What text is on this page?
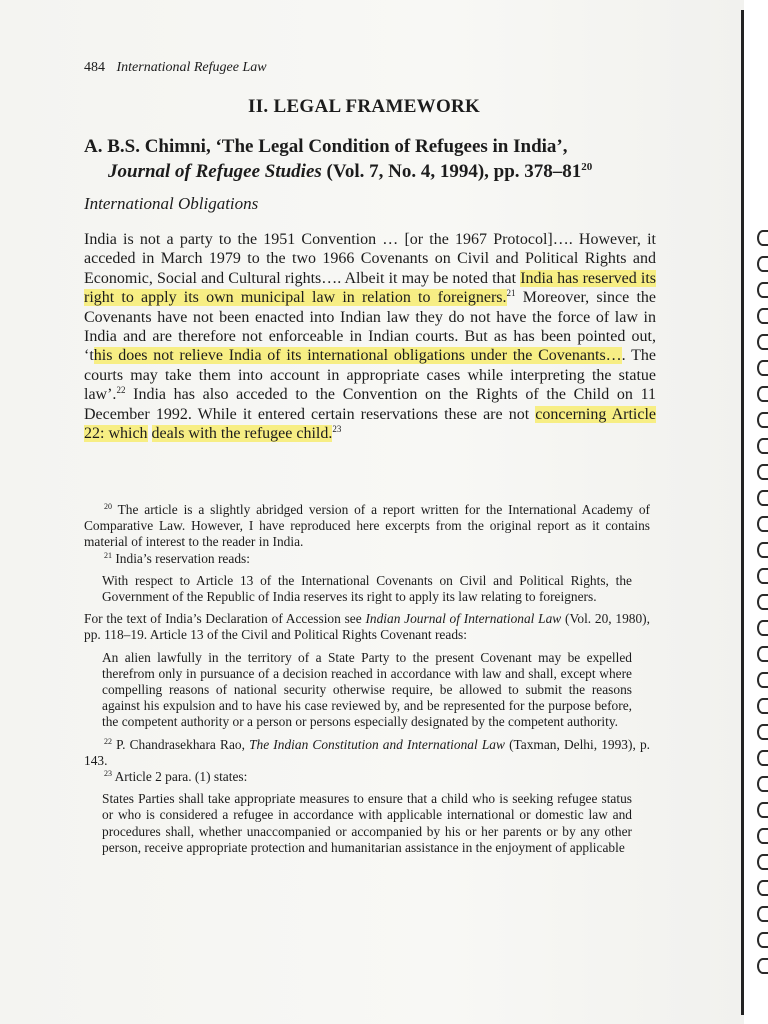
484 International Refugee Law
II. LEGAL FRAMEWORK
A. B.S. Chimni, ‘The Legal Condition of Refugees in India’,
Journal of Refugee Studies (Vol. 7, No. 4, 1994), pp. $378-81^{20}$
International Obligations
India is not a party to the 1951 Convention … [or the 1967 Protocol]…. However, it acceded in March 1979 to the two 1966 Covenants on Civil and Political Rights and Economic, Social and Cultural rights…. Albeit it may be noted that India has reserved its right to apply its own municipal law in relation to foreigners.$^{21}$ Moreover, since the Covenants have not been enacted into Indian law they do not have the force of law in India and are therefore not enforceable in Indian courts. But as has been pointed out, ‘this does not relieve India of its international obligations under the Covenants…. The courts may take them into account in appropriate cases while interpreting the statue law’.$^{22}$ India has also acceded to the Convention on the Rights of the Child on 11 December 1992. While it entered certain reservations these are not concerning Article 22: which deals with the refugee child.$^{23}$

$^{20}$ The article is a slightly abridged version of a report written for the International Academy of Comparative Law. However, I have reproduced here excerpts from the original report as it contains material of interest to the reader in India.

$^{21}$ India’s reservation reads:

With respect to Article 13 of the International Covenants on Civil and Political Rights, the Government of the Republic of India reserves its right to apply its law relating to foreigners.

For the text of India’s Declaration of Accession see Indian Journal of International Law (Vol. 20, 1980), pp. 118–19. Article 13 of the Civil and Political Rights Covenant reads:

An alien lawfully in the territory of a State Party to the present Covenant may be expelled therefrom only in pursuance of a decision reached in accordance with law and shall, except where compelling reasons of national security otherwise require, be allowed to submit the reasons against his expulsion and to have his case reviewed by, and be represented for the purpose before, the competent authority or a person or persons especially designated by the competent authority.

$^{22}$ P. Chandrasekhara Rao, The Indian Constitution and International Law (Taxman, Delhi, 1993), p. 143.

$^{23}$ Article 2 para. (1) states:

States Parties shall take appropriate measures to ensure that a child who is seeking refugee status or who is considered a refugee in accordance with applicable international or domestic law and procedures shall, whether unaccompanied or accompanied by his or her parents or by any other person, receive appropriate protection and humanitarian assistance in the enjoyment of applicable
